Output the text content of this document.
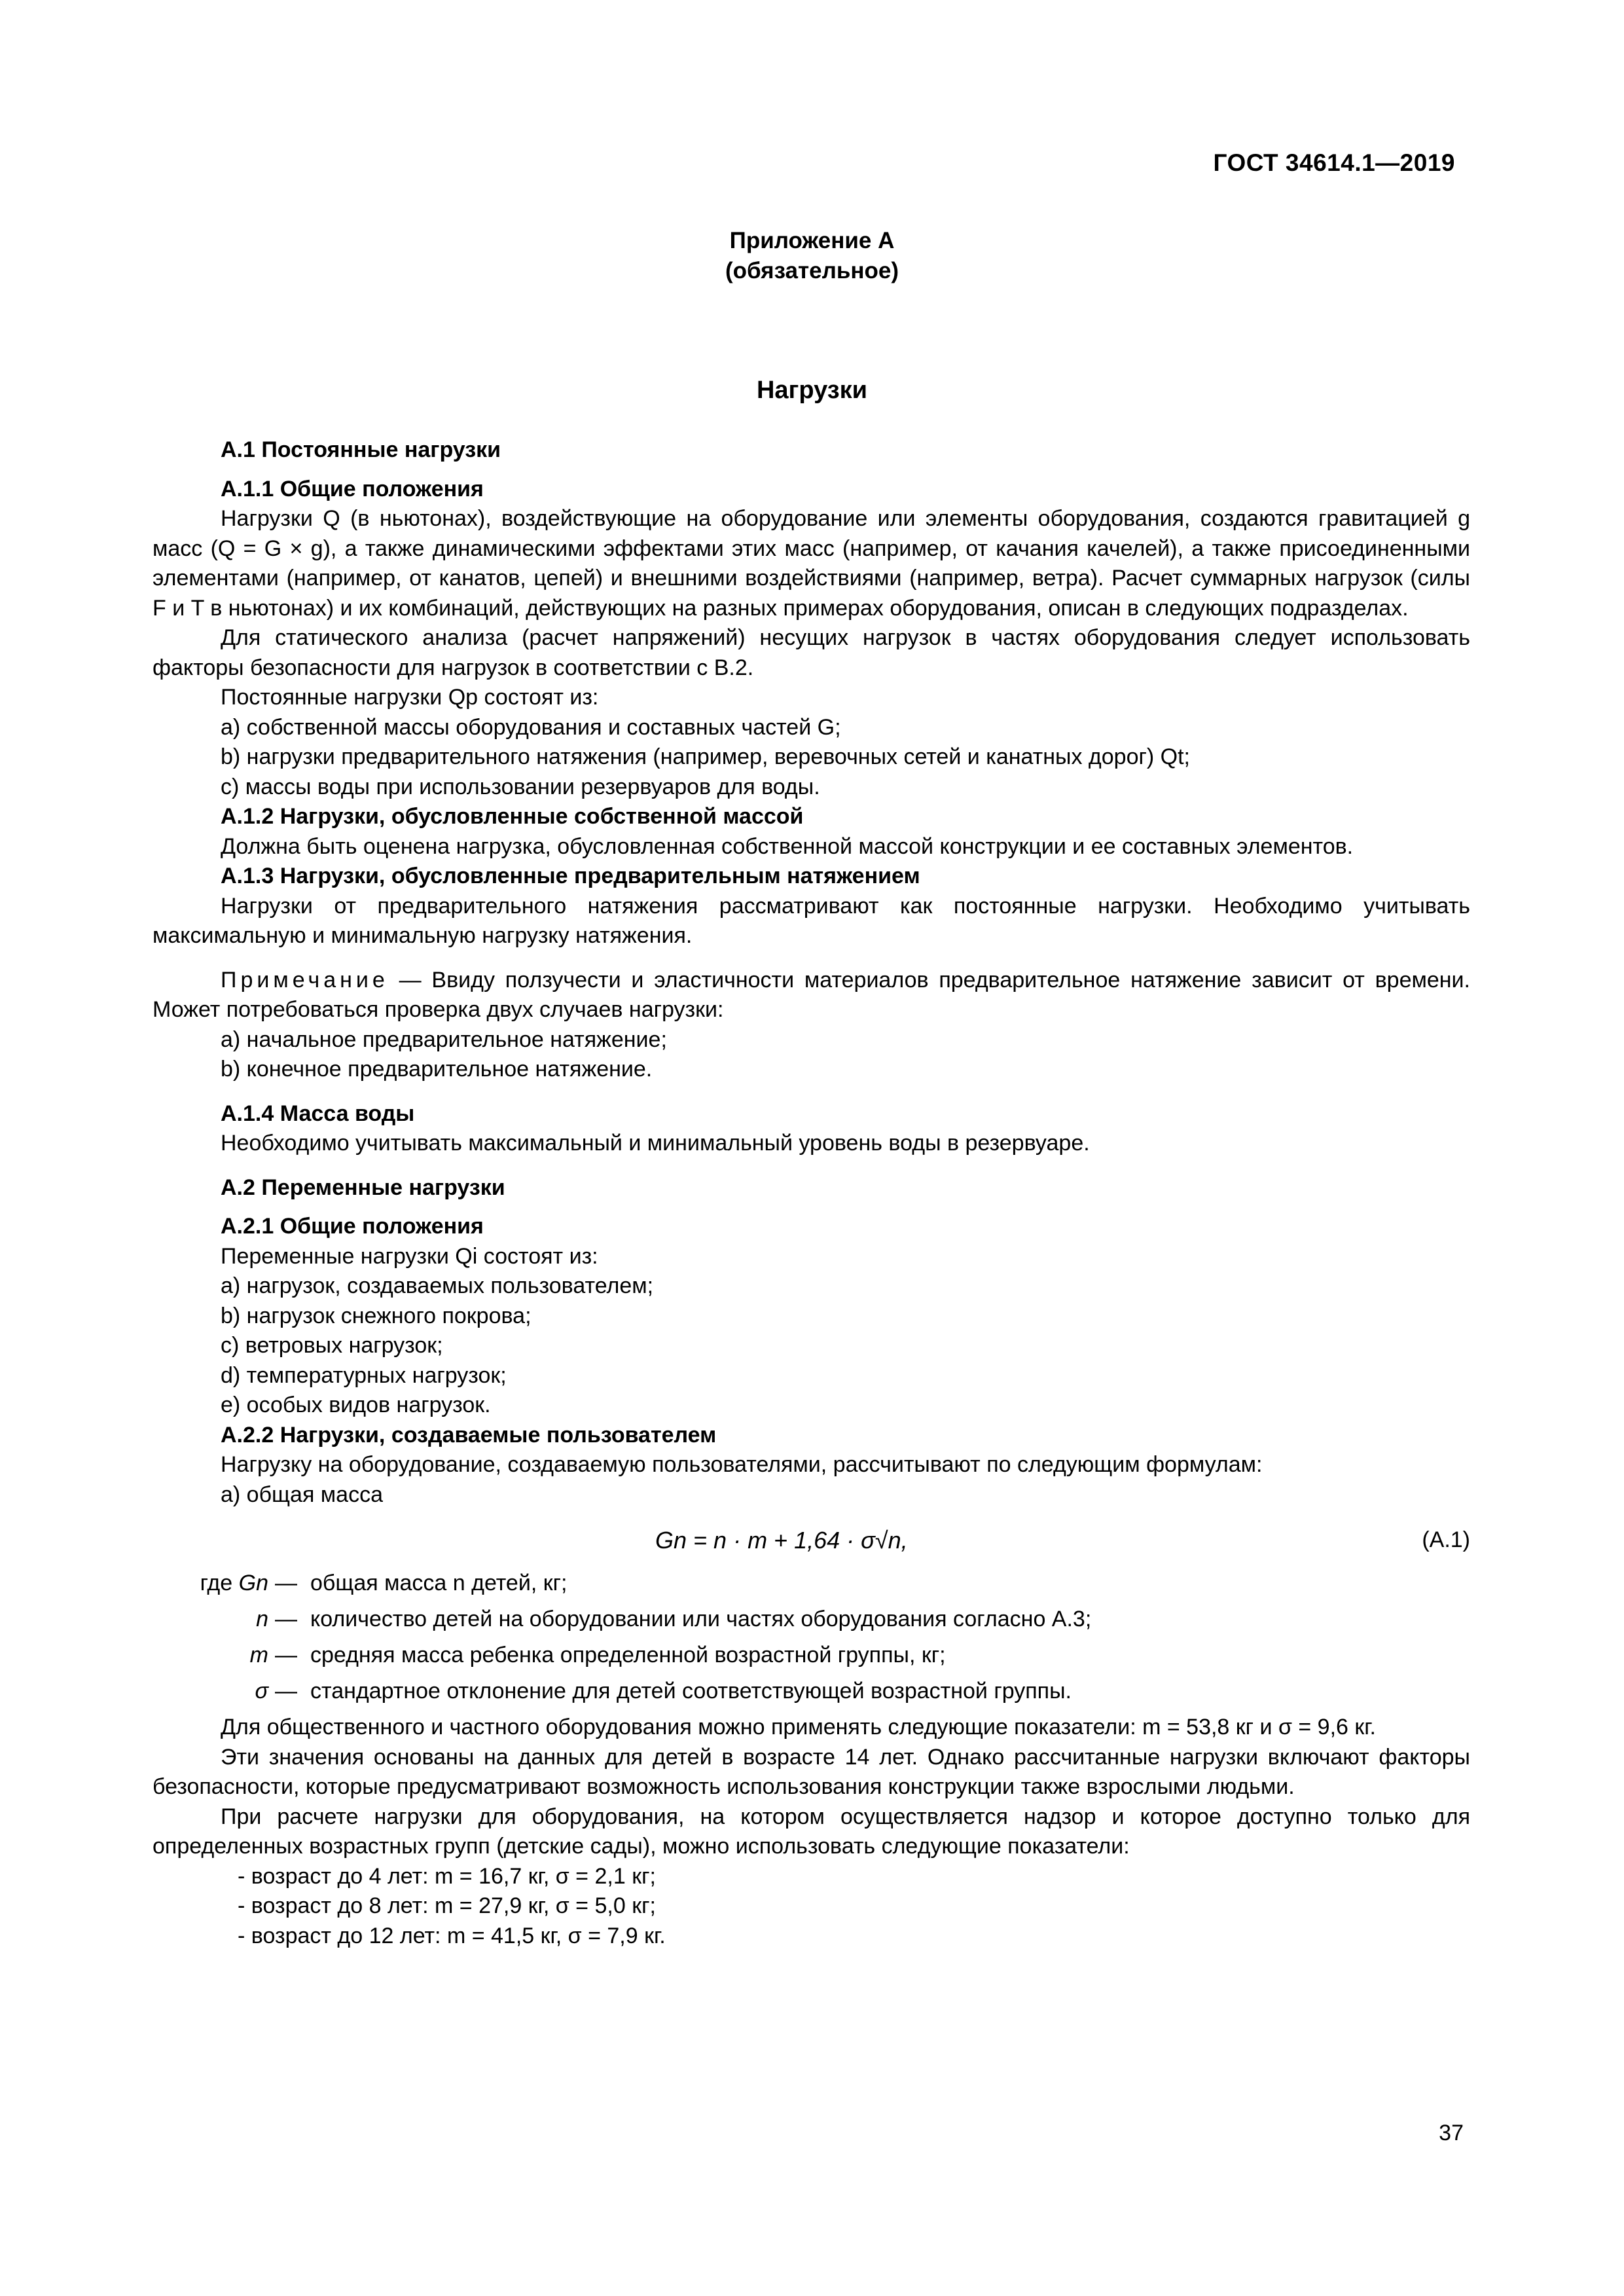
ГОСТ 34614.1—2019
Приложение А
(обязательное)
Нагрузки

А.1 Постоянные нагрузки

А.1.1 Общие положения

Нагрузки Q (в ньютонах), воздействующие на оборудование или элементы оборудования, создаются гравитацией g масс (Q = G × g), а также динамическими эффектами этих масс (например, от качания качелей), а также присоединенными элементами (например, от канатов, цепей) и внешними воздействиями (например, ветра). Расчет суммарных нагрузок (силы F и T в ньютонах) и их комбинаций, действующих на разных примерах оборудования, описан в следующих подразделах.

Для статического анализа (расчет напряжений) несущих нагрузок в частях оборудования следует использовать факторы безопасности для нагрузок в соответствии с В.2.

Постоянные нагрузки Qp состоят из:

a) собственной массы оборудования и составных частей G;

b) нагрузки предварительного натяжения (например, веревочных сетей и канатных дорог) Qt;

c) массы воды при использовании резервуаров для воды.

А.1.2 Нагрузки, обусловленные собственной массой

Должна быть оценена нагрузка, обусловленная собственной массой конструкции и ее составных элементов.

А.1.3 Нагрузки, обусловленные предварительным натяжением

Нагрузки от предварительного натяжения рассматривают как постоянные нагрузки. Необходимо учитывать максимальную и минимальную нагрузку натяжения.

Примечание — Ввиду ползучести и эластичности материалов предварительное натяжение зависит от времени. Может потребоваться проверка двух случаев нагрузки:

a) начальное предварительное натяжение;

b) конечное предварительное натяжение.

А.1.4 Масса воды

Необходимо учитывать максимальный и минимальный уровень воды в резервуаре.

А.2 Переменные нагрузки

А.2.1 Общие положения

Переменные нагрузки Qi состоят из:

a) нагрузок, создаваемых пользователем;

b) нагрузок снежного покрова;

c) ветровых нагрузок;

d) температурных нагрузок;

e) особых видов нагрузок.

А.2.2 Нагрузки, создаваемые пользователем

Нагрузку на оборудование, создаваемую пользователями, рассчитывают по следующим формулам:

a) общая масса

Gn = n · m + 1,64 · σ√n,	(А.1)
где Gn — общая масса n детей, кг;
n — количество детей на оборудовании или частях оборудования согласно А.3;
m — средняя масса ребенка определенной возрастной группы, кг;
σ — стандартное отклонение для детей соответствующей возрастной группы.

Для общественного и частного оборудования можно применять следующие показатели: m = 53,8 кг и σ = 9,6 кг.

Эти значения основаны на данных для детей в возрасте 14 лет. Однако рассчитанные нагрузки включают факторы безопасности, которые предусматривают возможность использования конструкции также взрослыми людьми.

При расчете нагрузки для оборудования, на котором осуществляется надзор и которое доступно только для определенных возрастных групп (детские сады), можно использовать следующие показатели:

- возраст до 4 лет: m = 16,7 кг, σ = 2,1 кг;

- возраст до 8 лет: m = 27,9 кг, σ = 5,0 кг;

- возраст до 12 лет: m = 41,5 кг, σ = 7,9 кг.

37
